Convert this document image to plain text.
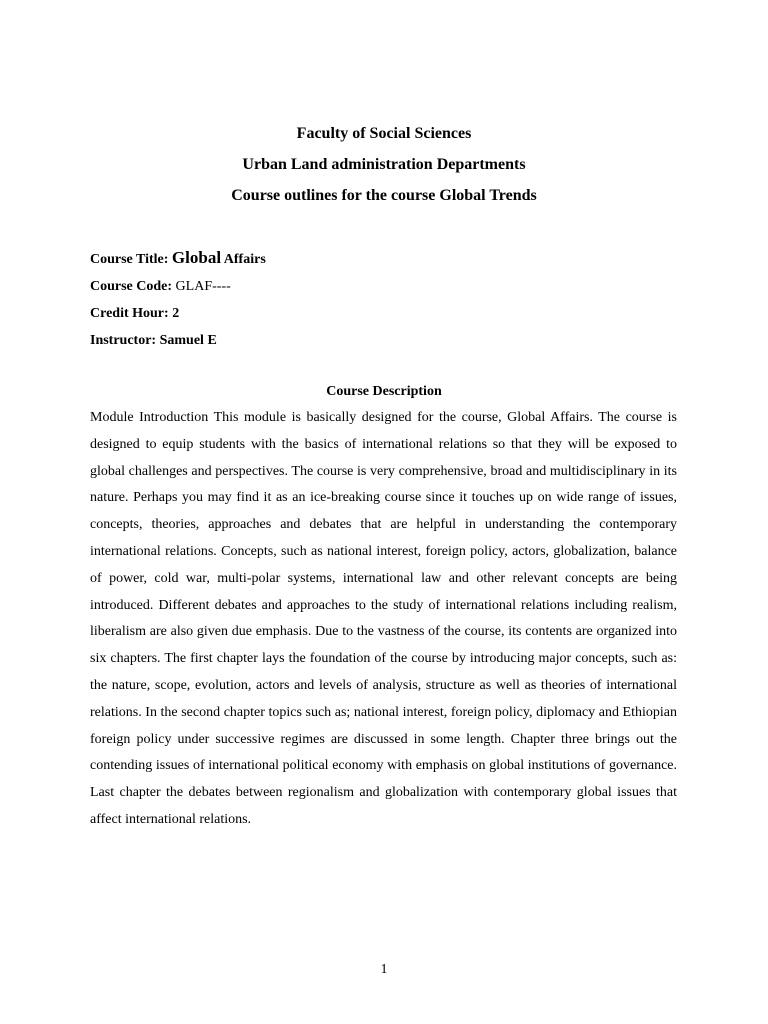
Faculty of Social Sciences
Urban Land administration Departments
Course outlines for the course Global Trends
Course Title: Global Affairs
Course Code: GLAF----
Credit Hour: 2
Instructor: Samuel E
Course Description
Module Introduction This module is basically designed for the course, Global Affairs. The course is designed to equip students with the basics of international relations so that they will be exposed to global challenges and perspectives. The course is very comprehensive, broad and multidisciplinary in its nature. Perhaps you may find it as an ice-breaking course since it touches up on wide range of issues, concepts, theories, approaches and debates that are helpful in understanding the contemporary international relations. Concepts, such as national interest, foreign policy, actors, globalization, balance of power, cold war, multi-polar systems, international law and other relevant concepts are being introduced. Different debates and approaches to the study of international relations including realism, liberalism are also given due emphasis. Due to the vastness of the course, its contents are organized into six chapters. The first chapter lays the foundation of the course by introducing major concepts, such as: the nature, scope, evolution, actors and levels of analysis, structure as well as theories of international relations. In the second chapter topics such as; national interest, foreign policy, diplomacy and Ethiopian foreign policy under successive regimes are discussed in some length. Chapter three brings out the contending issues of international political economy with emphasis on global institutions of governance. Last chapter the debates between regionalism and globalization with contemporary global issues that affect international relations.
1
